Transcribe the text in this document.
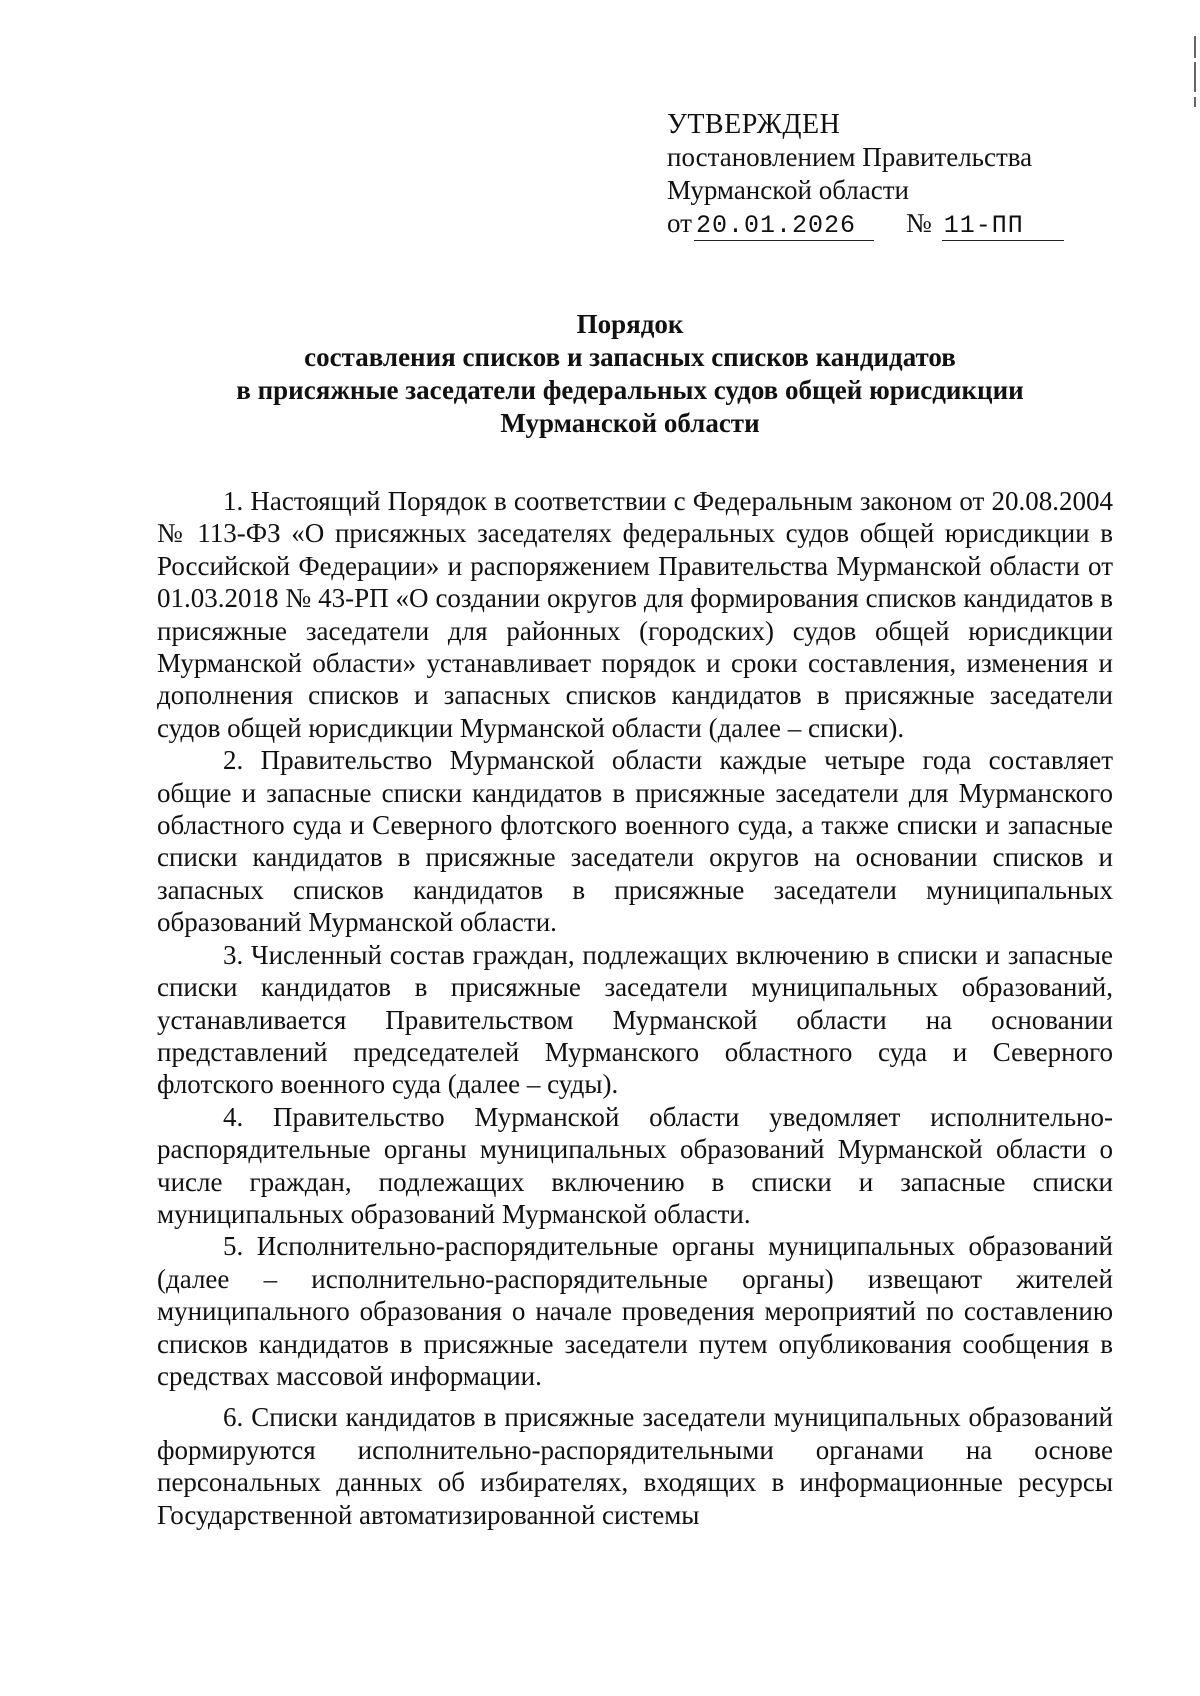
УТВЕРЖДЕН
постановлением Правительства
Мурманской области
от 20.01.2026 № 11-ПП
Порядок
составления списков и запасных списков кандидатов
в присяжные заседатели федеральных судов общей юрисдикции
Мурманской области

1. Настоящий Порядок в соответствии с Федеральным законом от 20.08.2004 № 113-ФЗ «О присяжных заседателях федеральных судов общей юрисдикции в Российской Федерации» и распоряжением Правительства Мурманской области от 01.03.2018 № 43-РП «О создании округов для формирования списков кандидатов в присяжные заседатели для районных (городских) судов общей юрисдикции Мурманской области» устанавливает порядок и сроки составления, изменения и дополнения списков и запасных списков кандидатов в присяжные заседатели судов общей юрисдикции Мурманской области (далее – списки).

2. Правительство Мурманской области каждые четыре года составляет общие и запасные списки кандидатов в присяжные заседатели для Мурманского областного суда и Северного флотского военного суда, а также списки и запасные списки кандидатов в присяжные заседатели округов на основании списков и запасных списков кандидатов в присяжные заседатели муниципальных образований Мурманской области.

3. Численный состав граждан, подлежащих включению в списки и запасные списки кандидатов в присяжные заседатели муниципальных образований, устанавливается Правительством Мурманской области на основании представлений председателей Мурманского областного суда и Северного флотского военного суда (далее – суды).

4. Правительство Мурманской области уведомляет исполнительно-распорядительные органы муниципальных образований Мурманской области о числе граждан, подлежащих включению в списки и запасные списки муниципальных образований Мурманской области.

5. Исполнительно-распорядительные органы муниципальных образований (далее – исполнительно-распорядительные органы) извещают жителей муниципального образования о начале проведения мероприятий по составлению списков кандидатов в присяжные заседатели путем опубликования сообщения в средствах массовой информации.

6. Списки кандидатов в присяжные заседатели муниципальных образований формируются исполнительно-распорядительными органами на основе персональных данных об избирателях, входящих в информационные ресурсы Государственной автоматизированной системы
